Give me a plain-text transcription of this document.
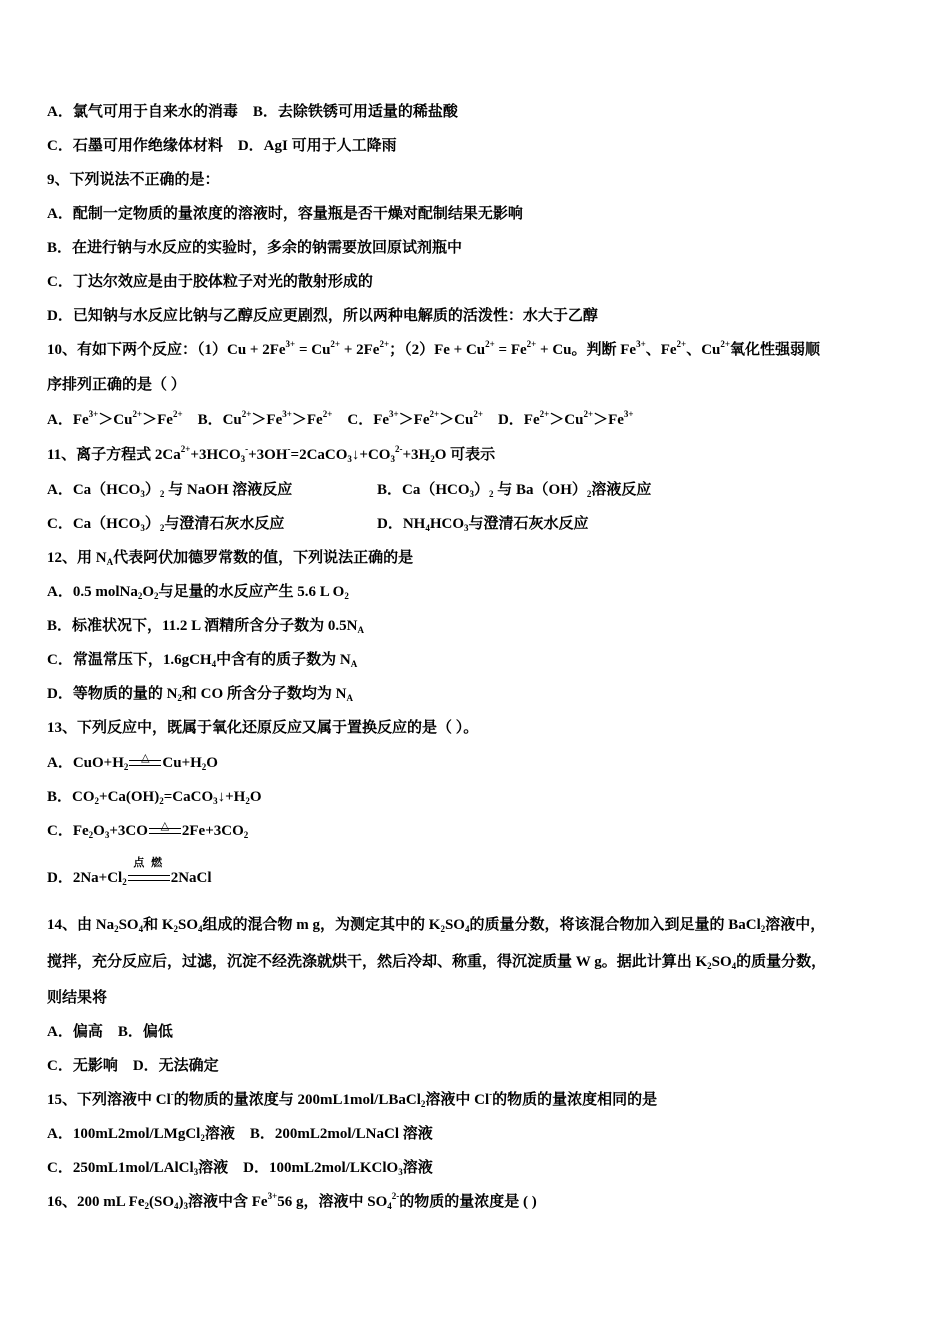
A．氯气可用于自来水的消毒　B．去除铁锈可用适量的稀盐酸
C．石墨可用作绝缘体材料　D．AgI 可用于人工降雨
9、下列说法不正确的是：
A．配制一定物质的量浓度的溶液时，容量瓶是否干燥对配制结果无影响
B．在进行钠与水反应的实验时，多余的钠需要放回原试剂瓶中
C．丁达尔效应是由于胶体粒子对光的散射形成的
D．已知钠与水反应比钠与乙醇反应更剧烈，所以两种电解质的活泼性：水大于乙醇
10、有如下两个反应：$(1)Cu + 2Fe^{3+} = Cu^{2+} + 2Fe^{2+}$；$(2)Fe + Cu^{2+} = Fe^{2+} + Cu$。判断 $Fe^{3+}$、$Fe^{2+}$、$Cu^{2+}$氧化性强弱顺
序排列正确的是（ ）
A．$Fe^{3+}>Cu^{2+}>Fe^{2+}$　B．$Cu^{2+}>Fe^{3+}>Fe^{2+}$　C．$Fe^{3+}>Fe^{2+}>Cu^{2+}$　D．$Fe^{2+}>Cu^{2+}>Fe^{3+}$
11、离子方程式 $2Ca^{2+}+3HCO_3^-+3OH^-=2CaCO_3↓+CO_3^{2-}+3H_2O$ 可表示
A．$Ca(HCO_3)_2$ 与 NaOH 溶液反应	B．$Ca(HCO_3)_2$ 与 $Ba(OH)_2$溶液反应
C．$Ca(HCO_3)_2$与澄清石灰水反应	D．$NH_4HCO_3$与澄清石灰水反应
12、用 $N_A$代表阿伏加德罗常数的值，下列说法正确的是
A．0.5 $molNa_2O_2$与足量的水反应产生 5.6 L $O_2$
B．标准状况下，11.2 L 酒精所含分子数为 $0.5N_A$
C．常温常压下，1.6gCH$_4$中含有的质子数为 $N_A$
D．等物质的量的 $N_2$和 CO 所含分子数均为 $N_A$
13、下列反应中，既属于氧化还原反应又属于置换反应的是（ ）。
A．$CuO+H_2$
△ $Cu+H_2O$
B．$CO_2+Ca(OH)_2=CaCO_3↓+H_2O$
C．$Fe_2O_3+3CO$	△ $2Fe+3CO_2$
D．$2Na+Cl_2$
点 燃
2NaCl
14、由 $Na_2SO_4$和 $K_2SO_4$组成的混合物 m g，为测定其中的 $K_2SO_4$的质量分数，将该混合物加入到足量的 BaCl$_2$溶液中，
搅拌，充分反应后，过滤，沉淀不经洗涤就烘干，然后冷却、称重，得沉淀质量 W g。据此计算出 $K_2SO_4$的质量分数，
则结果将
A．偏高　B．偏低
C．无影响　D．无法确定
15、下列溶液中 Cl-的物质的量浓度与 200mL1mol/LBaCl$_2$溶液中 Cl-的物质的量浓度相同的是
A．100mL2mol/LMgCl$_2$溶液　B．200mL2mol/LNaCl 溶液
C．250mL1mol/LAlCl$_3$溶液　D．100mL2mol/LKClO$_3$溶液
16、200 mL $Fe_2(SO_4)_3$溶液中含 $Fe^{3+}56$ g，溶液中 $SO_4^{2-}$的物质的量浓度是 ( )
